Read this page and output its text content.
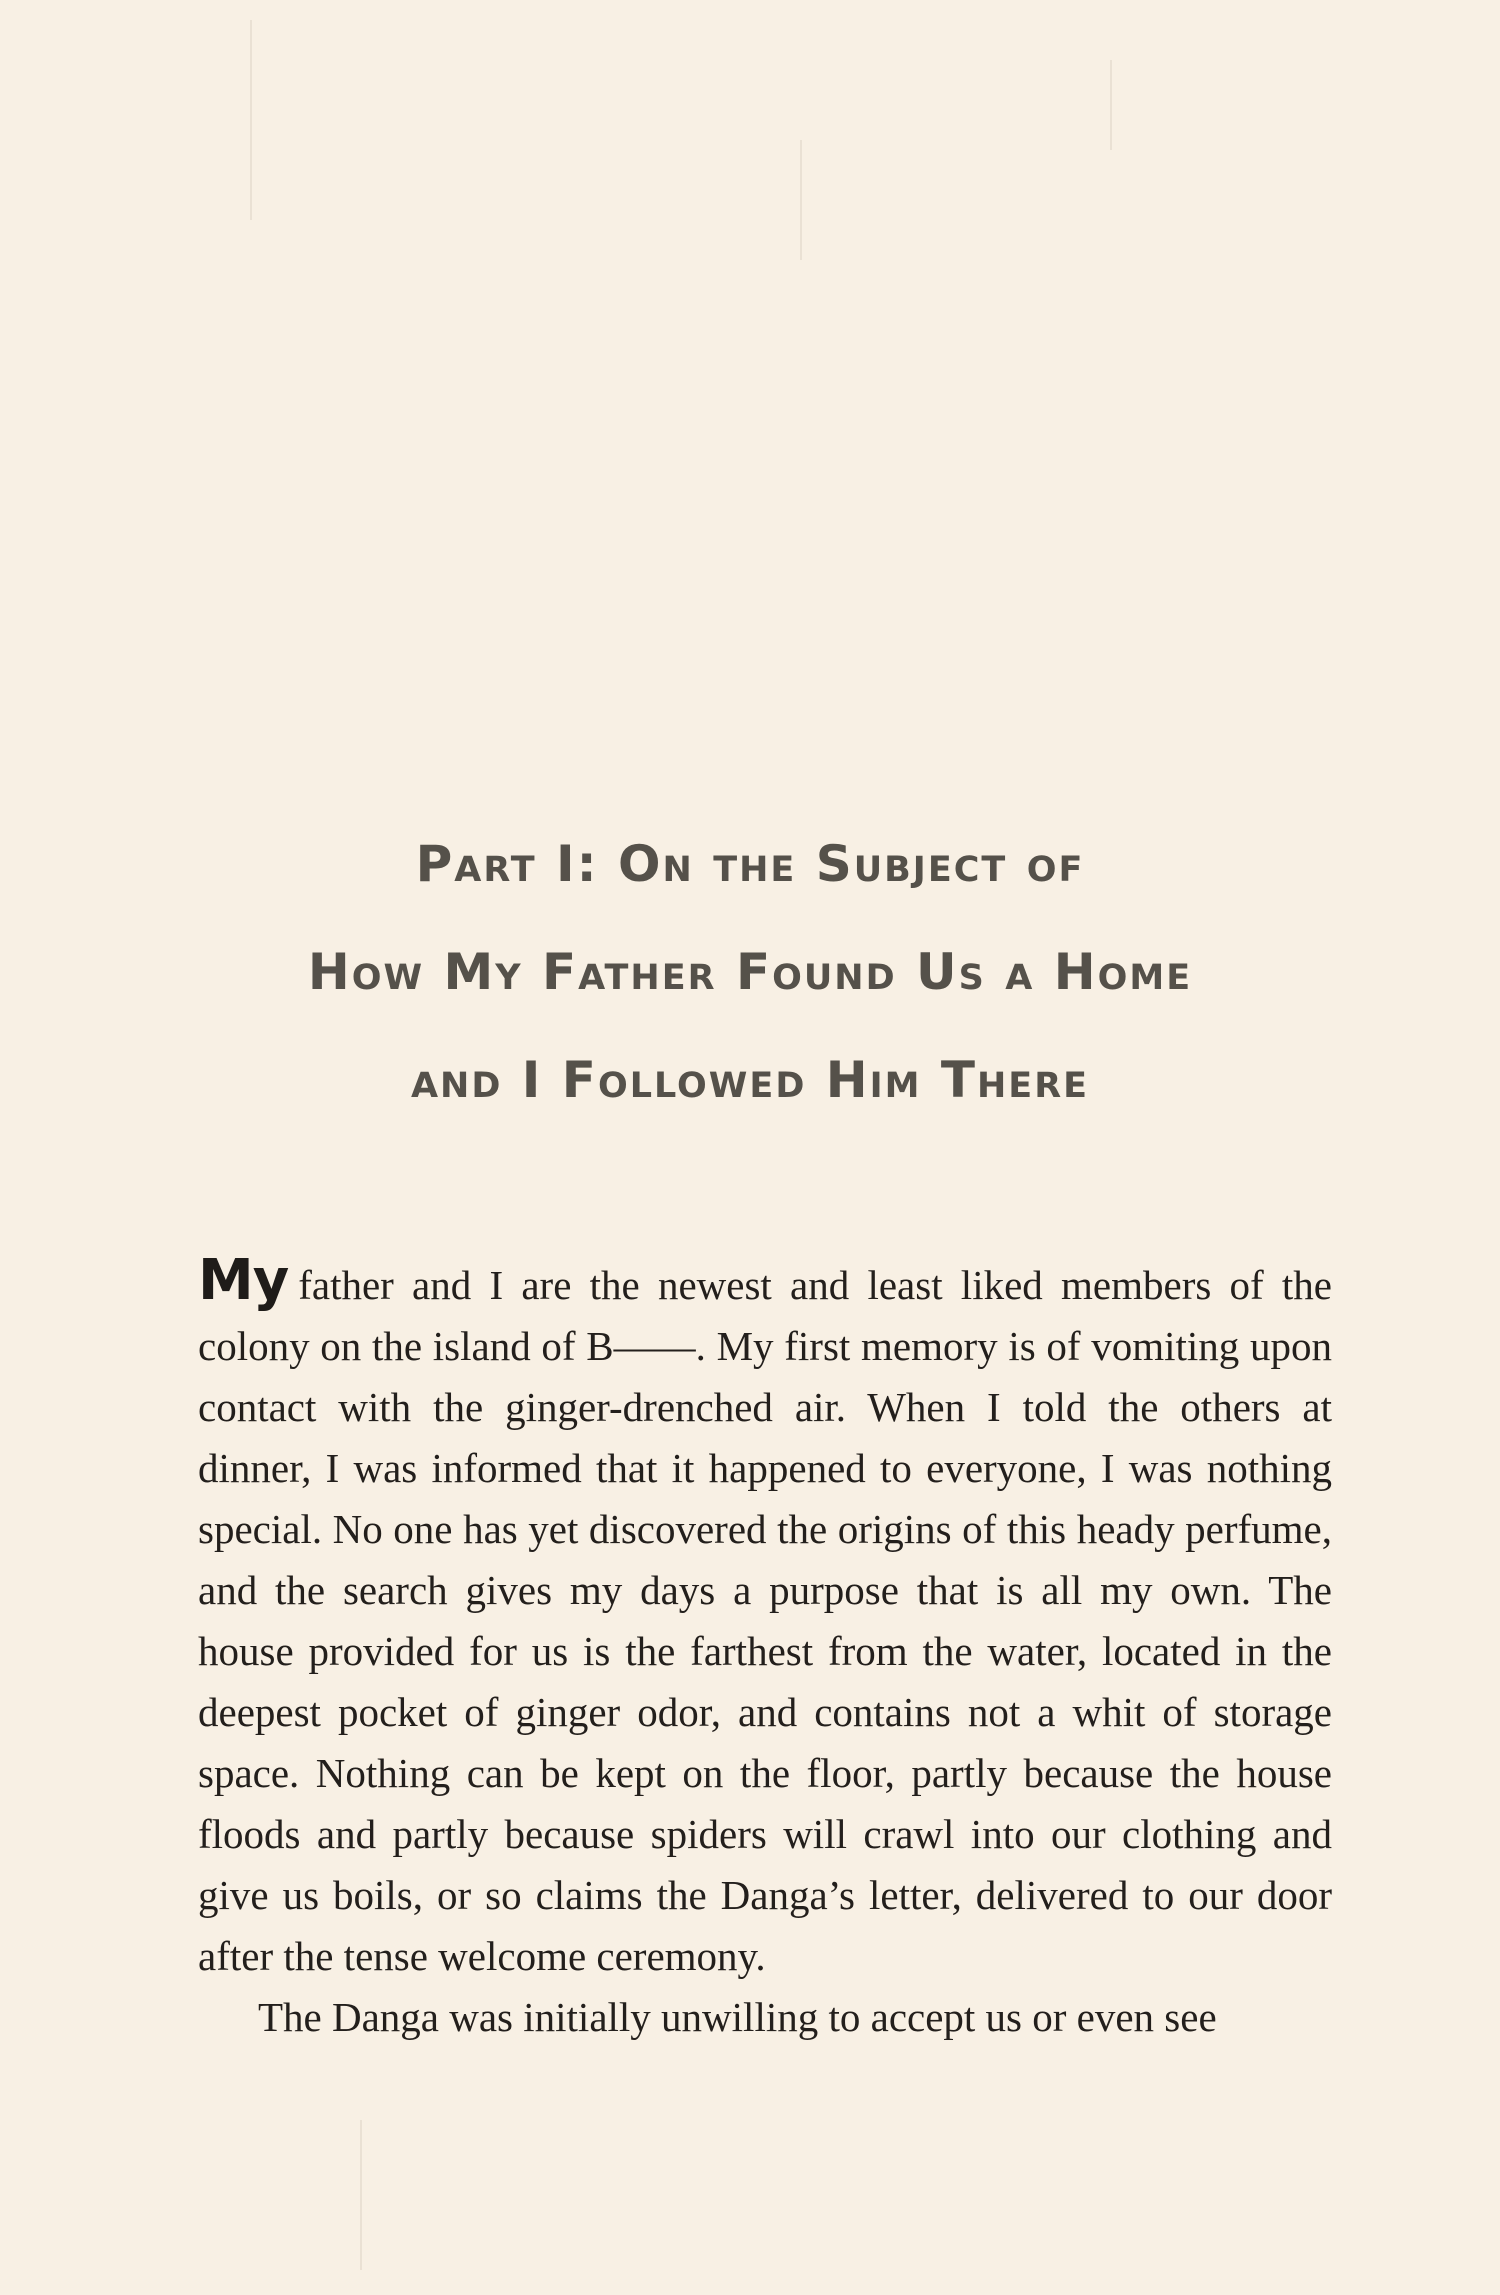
Part I: On the Subject of
How My Father Found Us a Home
and I Followed Him There

My father and I are the newest and least liked members of the colony on the island of B——. My first memory is of vomiting upon contact with the ginger-drenched air. When I told the others at dinner, I was informed that it happened to everyone, I was nothing special. No one has yet discovered the origins of this heady perfume, and the search gives my days a purpose that is all my own. The house provided for us is the farthest from the water, located in the deepest pocket of ginger odor, and contains not a whit of storage space. Nothing can be kept on the floor, partly because the house floods and partly because spiders will crawl into our clothing and give us boils, or so claims the Danga’s letter, delivered to our door after the tense welcome ceremony.

The Danga was initially unwilling to accept us or even see
